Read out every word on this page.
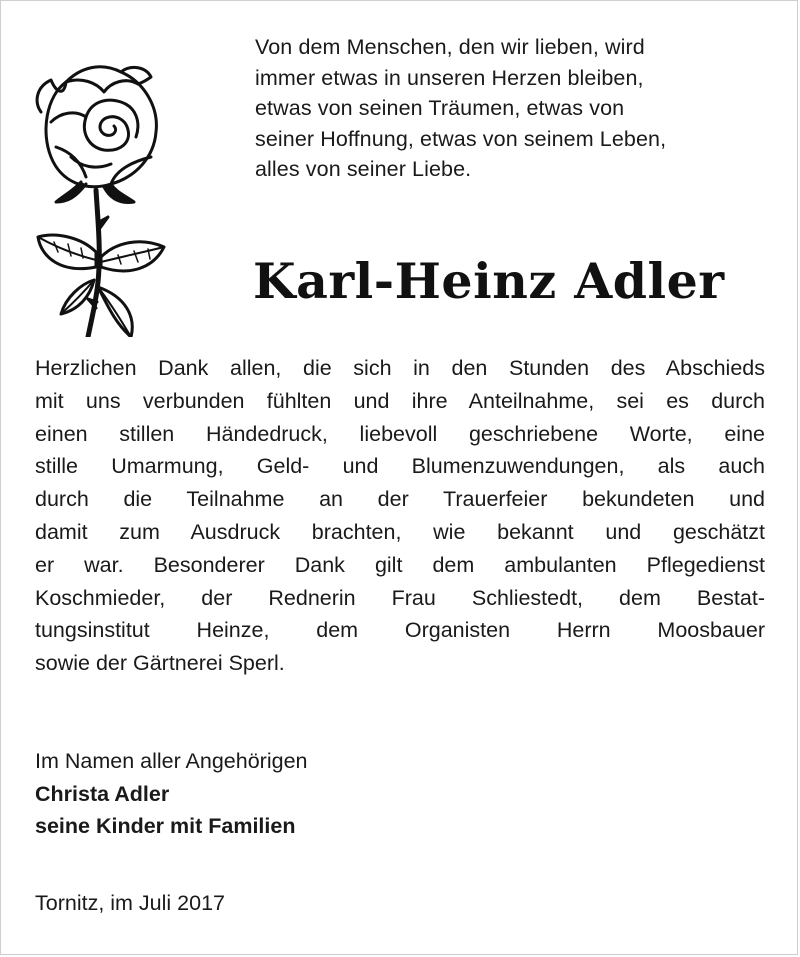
Von dem Menschen, den wir lieben, wird
immer etwas in unseren Herzen bleiben,
etwas von seinen Träumen, etwas von
seiner Hoffnung, etwas von seinem Leben,
alles von seiner Liebe.

Karl-Heinz Adler

Herzlichen Dank allen, die sich in den Stunden des Abschieds
mit uns verbunden fühlten und ihre Anteilnahme, sei es durch
einen stillen Händedruck, liebevoll geschriebene Worte, eine
stille Umarmung, Geld- und Blumenzuwendungen, als auch
durch die Teilnahme an der Trauerfeier bekundeten und
damit zum Ausdruck brachten, wie bekannt und geschätzt
er war. Besonderer Dank gilt dem ambulanten Pflegedienst
Koschmieder, der Rednerin Frau Schliestedt, dem Bestat-
tungsinstitut Heinze, dem Organisten Herrn Moosbauer
sowie der Gärtnerei Sperl.

Im Namen aller Angehörigen
Christa Adler
seine Kinder mit Familien
Tornitz, im Juli 2017
